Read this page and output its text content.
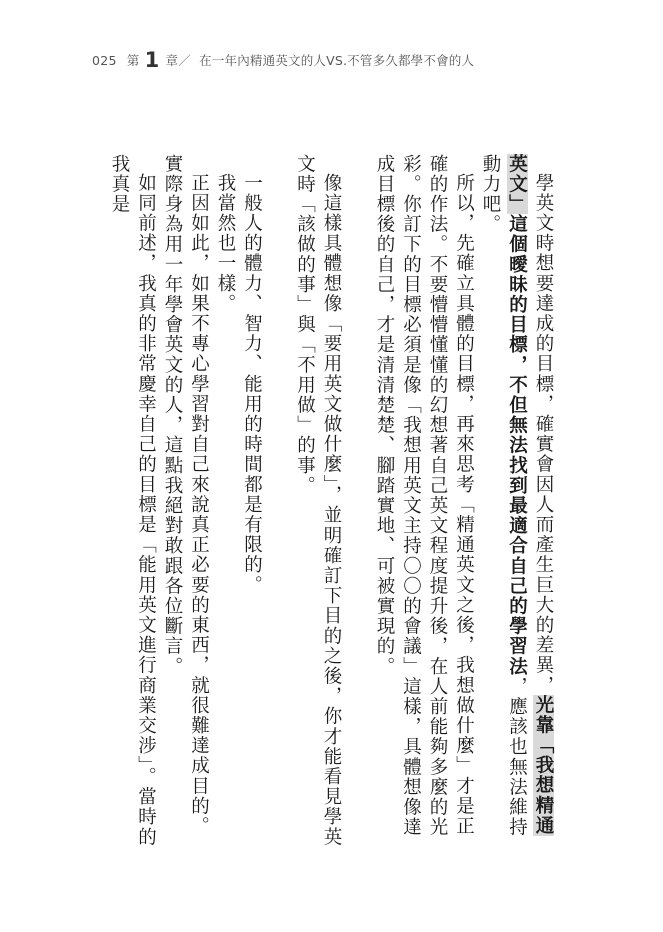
025 第 1 章 ／ 在一年內精通英文的人VS.不管多久都學不會的人

學英文時想要達成的目標，確實會因人而產生巨大的差異，光靠「我想精通英文」這個曖昧的目標，不但無法找到最適合自己的學習法，應該也無法維持動力吧。

所以，先確立具體的目標，再來思考「精通英文之後，我想做什麼」才是正確的作法。不要懵懵懂懂的幻想著自己英文程度提升後，在人前能夠多麼的光彩。你訂下的目標必須是像「我想用英文主持〇〇的會議」這樣，具體想像達成目標後的自己，才是清清楚楚、腳踏實地、可被實現的。

像這樣具體想像「要用英文做什麼」，並明確訂下目的之後，你才能看見學英文時「該做的事」與「不用做」的事。

一般人的體力、智力、能用的時間都是有限的。

我當然也一樣。

正因如此，如果不專心學習對自己來說真正必要的東西，就很難達成目的。實際身為用一年學會英文的人，這點我絕對敢跟各位斷言。

如同前述，我真的非常慶幸自己的目標是「能用英文進行商業交涉」。當時的我真是
